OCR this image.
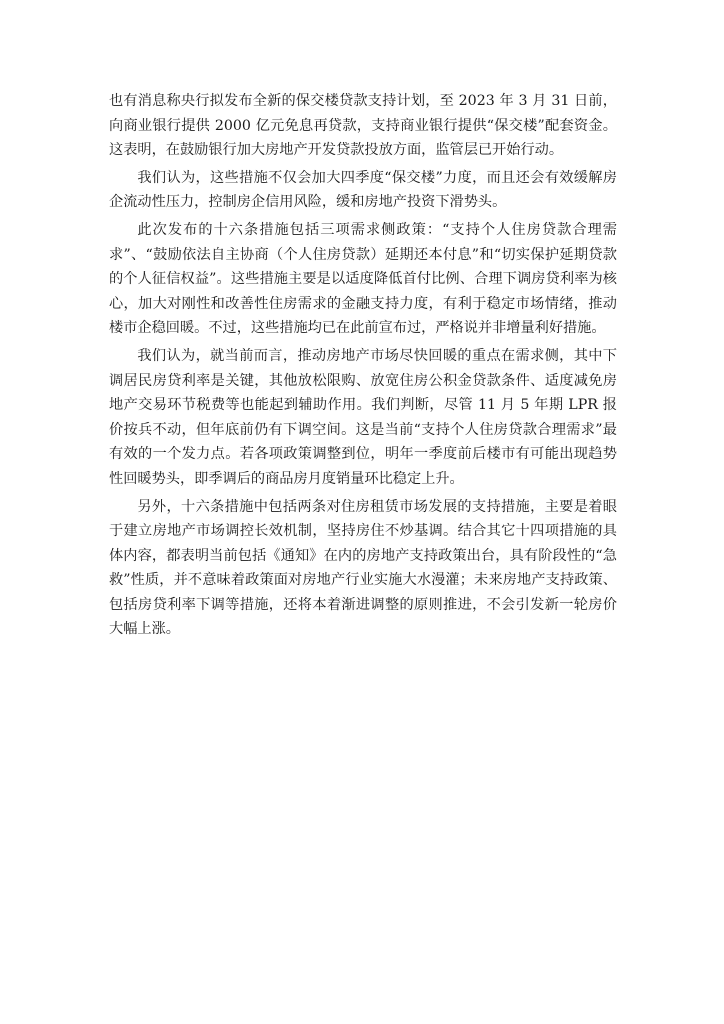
也有消息称央行拟发布全新的保交楼贷款支持计划，至 2023 年 3 月 31 日前，向商业银行提供 2000 亿元免息再贷款，支持商业银行提供“保交楼”配套资金。这表明，在鼓励银行加大房地产开发贷款投放方面，监管层已开始行动。

我们认为，这些措施不仅会加大四季度“保交楼”力度，而且还会有效缓解房企流动性压力，控制房企信用风险，缓和房地产投资下滑势头。

此次发布的十六条措施包括三项需求侧政策：“支持个人住房贷款合理需求”、“鼓励依法自主协商（个人住房贷款）延期还本付息”和“切实保护延期贷款的个人征信权益”。这些措施主要是以适度降低首付比例、合理下调房贷利率为核心，加大对刚性和改善性住房需求的金融支持力度，有利于稳定市场情绪，推动楼市企稳回暖。不过，这些措施均已在此前宣布过，严格说并非增量利好措施。

我们认为，就当前而言，推动房地产市场尽快回暖的重点在需求侧，其中下调居民房贷利率是关键，其他放松限购、放宽住房公积金贷款条件、适度减免房地产交易环节税费等也能起到辅助作用。我们判断，尽管 11 月 5 年期 LPR 报价按兵不动，但年底前仍有下调空间。这是当前“支持个人住房贷款合理需求”最有效的一个发力点。若各项政策调整到位，明年一季度前后楼市有可能出现趋势性回暖势头，即季调后的商品房月度销量环比稳定上升。

另外，十六条措施中包括两条对住房租赁市场发展的支持措施，主要是着眼于建立房地产市场调控长效机制，坚持房住不炒基调。结合其它十四项措施的具体内容，都表明当前包括《通知》在内的房地产支持政策出台，具有阶段性的“急救”性质，并不意味着政策面对房地产行业实施大水漫灌；未来房地产支持政策、包括房贷利率下调等措施，还将本着渐进调整的原则推进，不会引发新一轮房价大幅上涨。
